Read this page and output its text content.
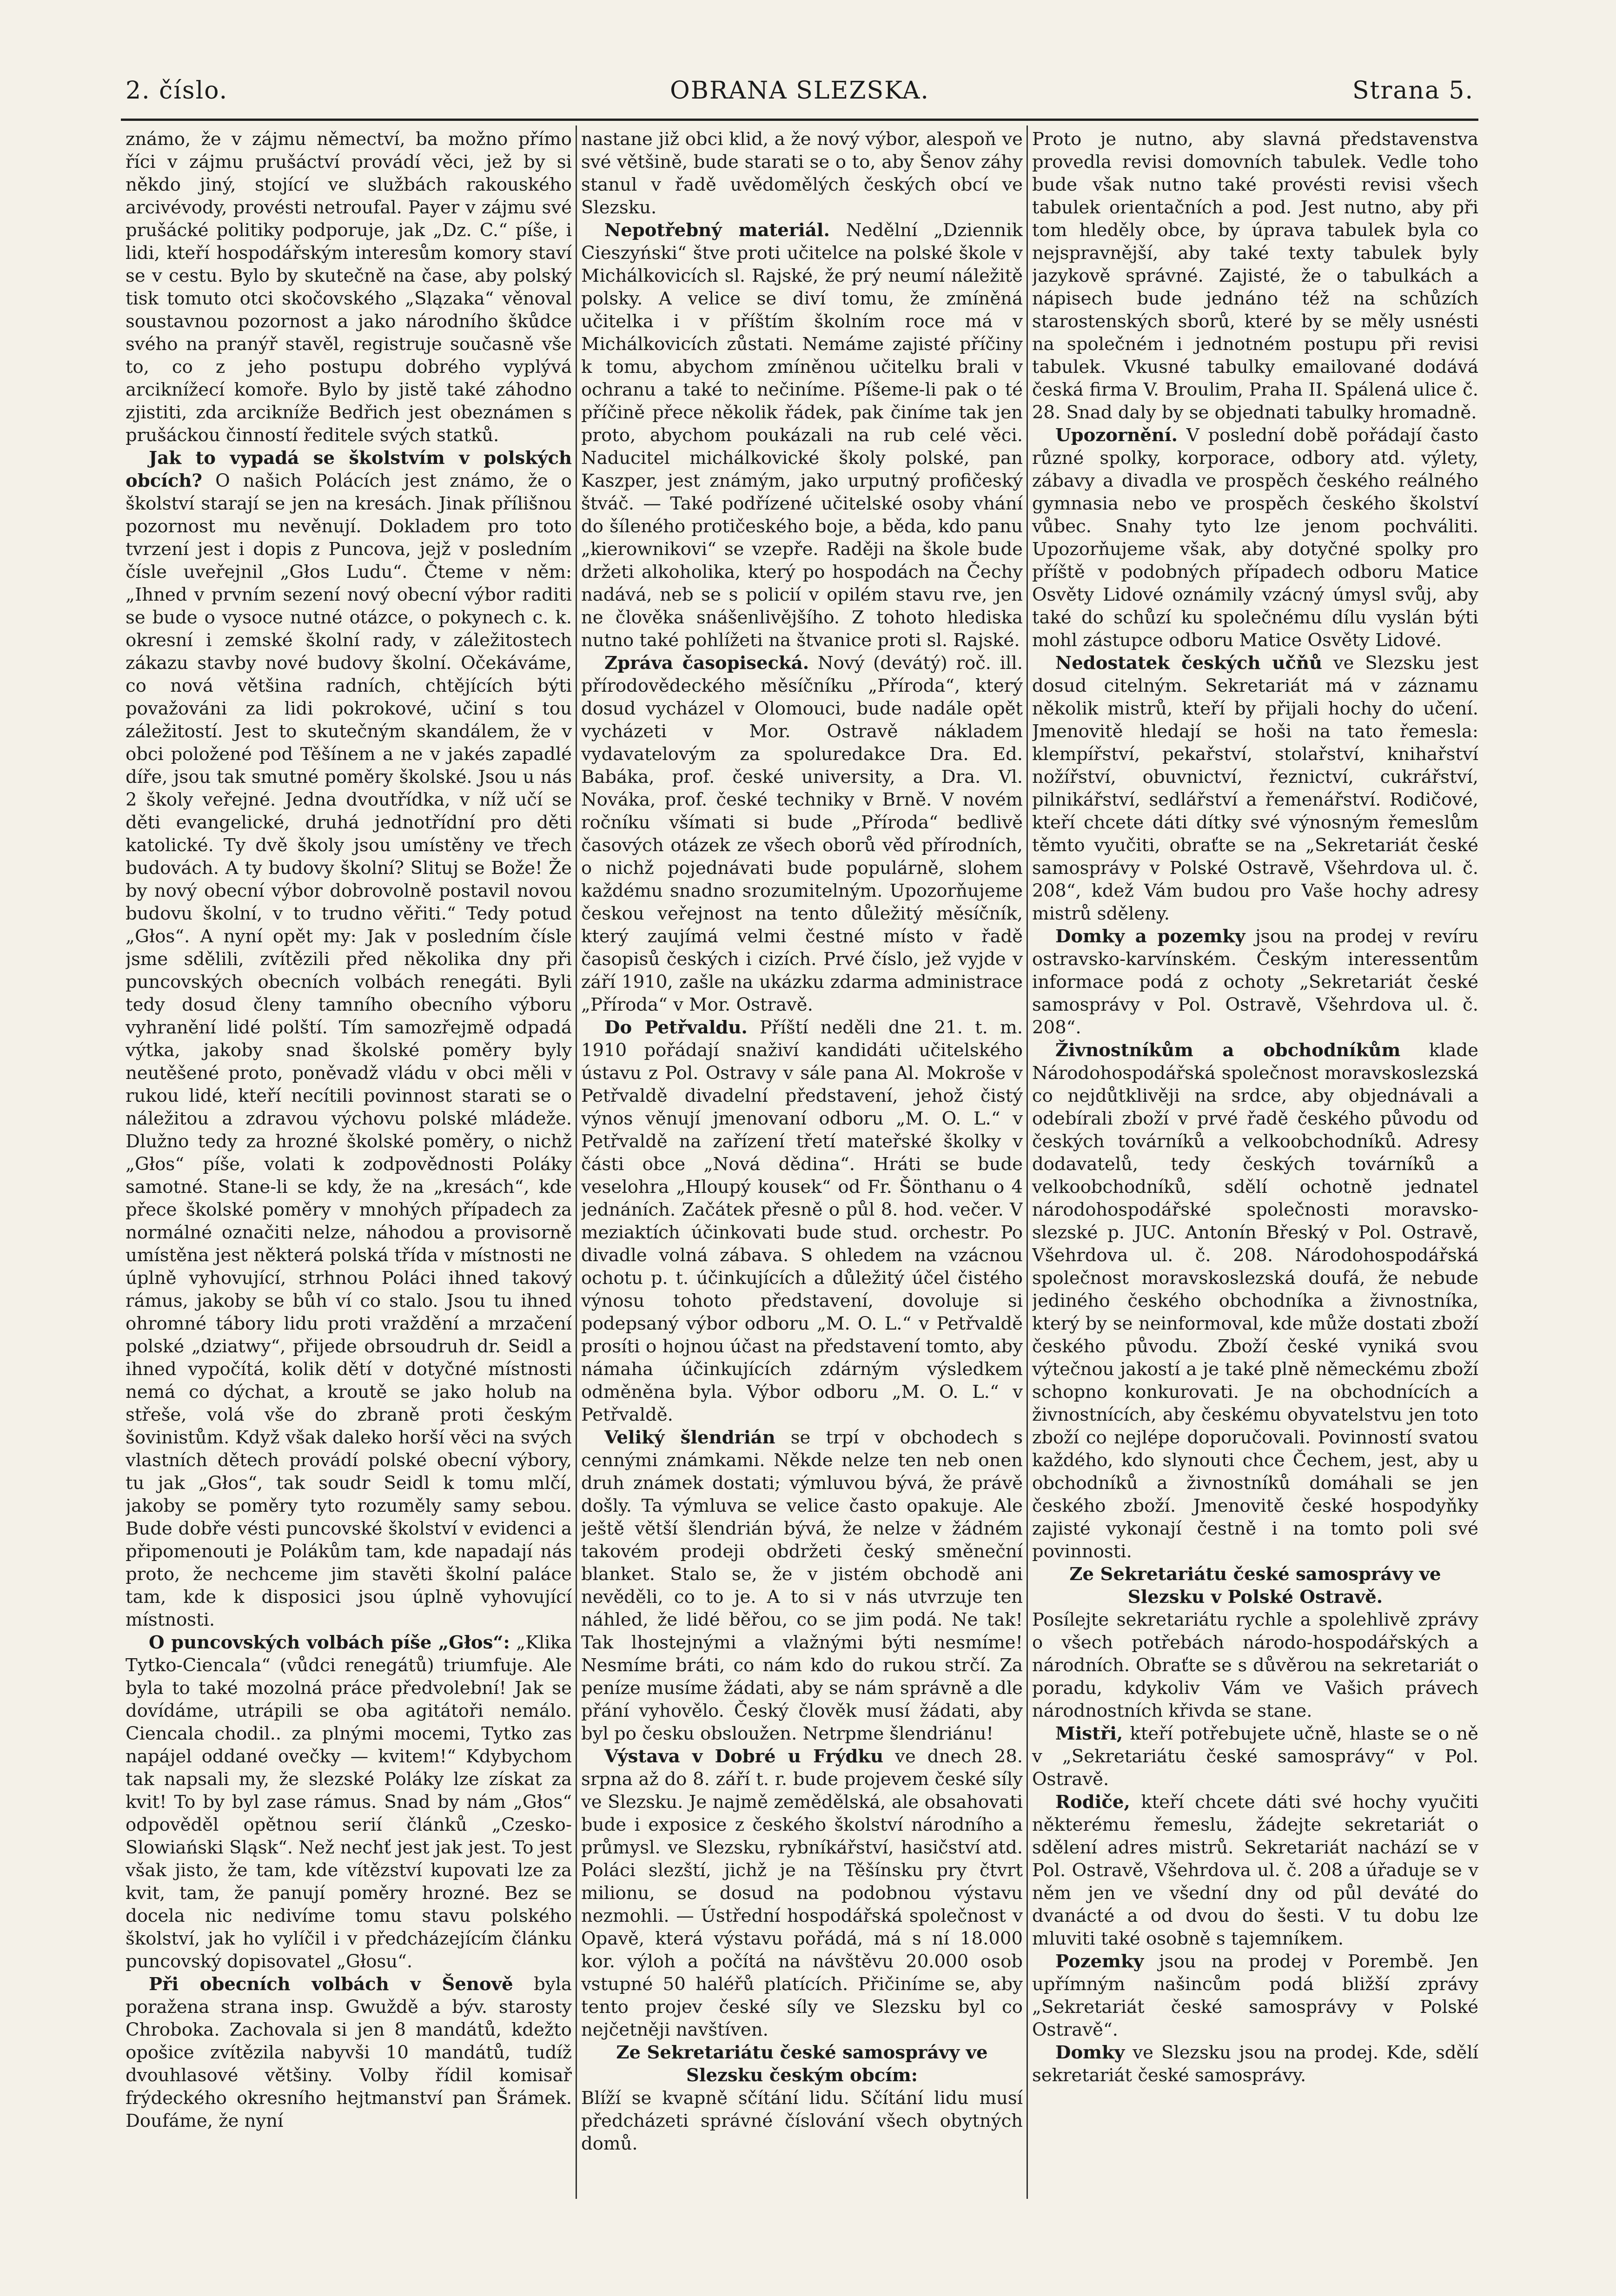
2. číslo.	OBRANA SLEZSKA.	Strana 5.

známo, že v zájmu němectví, ba možno přímo říci v zájmu prušáctví provádí věci, jež by si někdo jiný, stojící ve službách rakouského arcivévody, provésti netroufal. Payer v zájmu své prušácké politiky podporuje, jak „Dz. C.“ píše, i lidi, kteří hospodářským interesům komory staví se v cestu. Bylo by skutečně na čase, aby polský tisk tomuto otci skočovského „Slązaka“ věnoval soustavnou pozornost a jako národního škůdce svého na pranýř stavěl, registruje současně vše to, co z jeho postupu dobrého vyplývá arciknížecí komoře. Bylo by jistě také záhodno zjistiti, zda arcikníže Bedřich jest obeznámen s prušáckou činností ředitele svých statků.

Jak to vypadá se školstvím v polských obcích? O našich Polácích jest známo, že o školství starají se jen na kresách. Jinak přílišnou pozornost mu nevěnují. Dokladem pro toto tvrzení jest i dopis z Puncova, jejž v posledním čísle uveřejnil „Głos Ludu“. Čteme v něm: „Ihned v prvním sezení nový obecní výbor raditi se bude o vysoce nutné otázce, o pokynech c. k. okresní i zemské školní rady, v záležitostech zákazu stavby nové budovy školní. Očekáváme, co nová většina radních, chtějících býti považováni za lidi pokrokové, učiní s tou záležitostí. Jest to skutečným skandálem, že v obci položené pod Těšínem a ne v jakés zapadlé díře, jsou tak smutné poměry školské. Jsou u nás 2 školy veřejné. Jedna dvoutřídka, v níž učí se děti evangelické, druhá jednotřídní pro děti katolické. Ty dvě školy jsou umístěny ve třech budovách. A ty budovy školní? Slituj se Bože! Že by nový obecní výbor dobrovolně postavil novou budovu školní, v to trudno věřiti.“ Tedy potud „Głos“. A nyní opět my: Jak v posledním čísle jsme sdělili, zvítězili před několika dny při puncovských obecních volbách renegáti. Byli tedy dosud členy tamního obecního výboru vyhranění lidé polští. Tím samozřejmě odpadá výtka, jakoby snad školské poměry byly neutěšené proto, poněvadž vládu v obci měli v rukou lidé, kteří necítili povinnost starati se o náležitou a zdravou výchovu polské mládeže. Dlužno tedy za hrozné školské poměry, o nichž „Głos“ píše, volati k zodpovědnosti Poláky samotné. Stane-li se kdy, že na „kresách“, kde přece školské poměry v mnohých případech za normálné označiti nelze, náhodou a provisorně umístěna jest některá polská třída v místnosti ne úplně vyhovující, strhnou Poláci ihned takový rámus, jakoby se bůh ví co stalo. Jsou tu ihned ohromné tábory lidu proti vraždění a mrzačení polské „dziatwy“, přijede obrsoudruh dr. Seidl a ihned vypočítá, kolik dětí v dotyčné místnosti nemá co dýchat, a kroutě se jako holub na střeše, volá vše do zbraně proti českým šovinistům. Když však daleko horší věci na svých vlastních dětech provádí polské obecní výbory, tu jak „Głos“, tak soudr Seidl k tomu mlčí, jakoby se poměry tyto rozuměly samy sebou. Bude dobře vésti puncovské školství v evidenci a připomenouti je Polákům tam, kde napadají nás proto, že nechceme jim stavěti školní paláce tam, kde k disposici jsou úplně vyhovující místnosti.

O puncovských volbách píše „Głos“: „Klika Tytko-Ciencala“ (vůdci renegátů) triumfuje. Ale byla to také mozolná práce předvolební! Jak se dovídáme, utrápili se oba agitátoři nemálo. Ciencala chodil.. za plnými mocemi, Tytko zas napájel oddané ovečky — kvitem!“ Kdybychom tak napsali my, že slezské Poláky lze získat za kvit! To by byl zase rámus. Snad by nám „Głos“ odpověděl opětnou serií článků „Czesko-Slowiański Sląsk“. Než nechť jest jak jest. To jest však jisto, že tam, kde vítězství kupovati lze za kvit, tam, že panují poměry hrozné. Bez se docela nic nedivíme tomu stavu polského školství, jak ho vylíčil i v předcházejícím článku puncovský dopisovatel „Głosu“.

Při obecních volbách v Šenově byla poražena strana insp. Gwuždě a býv. starosty Chroboka. Zachovala si jen 8 mandátů, kdežto opošice zvítězila nabyvši 10 mandátů, tudíž dvouhlasové většiny. Volby řídil komisař frýdeckého okresního hejtmanství pan Šrámek. Doufáme, že nyní

nastane již obci klid, a že nový výbor, alespoň ve své většině, bude starati se o to, aby Šenov záhy stanul v řadě uvědomělých českých obcí ve Slezsku.

Nepotřebný materiál. Nedělní „Dziennik Cieszyński“ štve proti učitelce na polské škole v Michálkovicích sl. Rajské, že prý neumí náležitě polsky. A velice se diví tomu, že zmíněná učitelka i v příštím školním roce má v Michálkovicích zůstati. Nemáme zajisté příčiny k tomu, abychom zmíněnou učitelku brali v ochranu a také to nečiníme. Píšeme-li pak o té příčině přece několik řádek, pak činíme tak jen proto, abychom poukázali na rub celé věci. Naducitel michálkovické školy polské, pan Kaszper, jest známým, jako urputný profičeský štváč. — Také podřízené učitelské osoby vhání do šíleného protičeského boje, a běda, kdo panu „kierownikovi“ se vzepře. Raději na škole bude držeti alkoholika, který po hospodách na Čechy nadává, neb se s policií v opilém stavu rve, jen ne člověka snášenlivějšího. Z tohoto hlediska nutno také pohlížeti na štvanice proti sl. Rajské.

Zpráva časopisecká. Nový (devátý) roč. ill. přírodovědeckého měsíčníku „Příroda“, který dosud vycházel v Olomouci, bude nadále opět vycházeti v Mor. Ostravě nákladem vydavatelovým za spoluredakce Dra. Ed. Babáka, prof. české university, a Dra. Vl. Nováka, prof. české techniky v Brně. V novém ročníku všímati si bude „Příroda“ bedlivě časových otázek ze všech oborů věd přírodních, o nichž pojednávati bude populárně, slohem každému snadno srozumitelným. Upozorňujeme českou veřejnost na tento důležitý měsíčník, který zaujímá velmi čestné místo v řadě časopisů českých i cizích. Prvé číslo, jež vyjde v září 1910, zašle na ukázku zdarma administrace „Příroda“ v Mor. Ostravě.

Do Petřvaldu. Příští neděli dne 21. t. m. 1910 pořádají snaživí kandidáti učitelského ústavu z Pol. Ostravy v sále pana Al. Mokroše v Petřvaldě divadelní představení, jehož čistý výnos věnují jmenovaní odboru „M. O. L.“ v Petřvaldě na zařízení třetí mateřské školky v části obce „Nová dědina“. Hráti se bude veselohra „Hloupý kousek“ od Fr. Šönthanu o 4 jednáních. Začátek přesně o půl 8. hod. večer. V meziaktích účinkovati bude stud. orchestr. Po divadle volná zábava. S ohledem na vzácnou ochotu p. t. účinkujících a důležitý účel čistého výnosu tohoto představení, dovoluje si podepsaný výbor odboru „M. O. L.“ v Petřvaldě prosíti o hojnou účast na představení tomto, aby námaha účinkujících zdárným výsledkem odměněna byla. Výbor odboru „M. O. L.“ v Petřvaldě.

Veliký šlendrián se trpí v obchodech s cennými známkami. Někde nelze ten neb onen druh známek dostati; výmluvou bývá, že právě došly. Ta výmluva se velice často opakuje. Ale ještě větší šlendrián bývá, že nelze v žádném takovém prodeji obdržeti český směneční blanket. Stalo se, že v jistém obchodě ani nevěděli, co to je. A to si v nás utvrzuje ten náhled, že lidé běřou, co se jim podá. Ne tak! Tak lhostejnými a vlažnými býti nesmíme! Nesmíme bráti, co nám kdo do rukou strčí. Za peníze musíme žádati, aby se nám správně a dle přání vyhovělo. Český člověk musí žádati, aby byl po česku obsloužen. Netrpme šlendriánu!

Výstava v Dobré u Frýdku ve dnech 28. srpna až do 8. září t. r. bude projevem české síly ve Slezsku. Je najmě zemědělská, ale obsahovati bude i exposice z českého školství národního a průmysl. ve Slezsku, rybníkářství, hasičství atd. Poláci slezští, jichž je na Těšínsku pry čtvrt milionu, se dosud na podobnou výstavu nezmohli. — Ústřední hospodářská společnost v Opavě, která výstavu pořádá, má s ní 18.000 kor. výloh a počítá na návštěvu 20.000 osob vstupné 50 haléřů platících. Přičiníme se, aby tento projev české síly ve Slezsku byl co nejčetněji navštíven.

Ze Sekretariátu české samosprávy ve Slezsku českým obcím:
Blíží se kvapně sčítání lidu. Sčítání lidu musí předcházeti správné číslování všech obytných domů.

Proto je nutno, aby slavná představenstva provedla revisi domovních tabulek. Vedle toho bude však nutno také provésti revisi všech tabulek orientačních a pod. Jest nutno, aby při tom hleděly obce, by úprava tabulek byla co nejspravnější, aby také texty tabulek byly jazykově správné. Zajisté, že o tabulkách a nápisech bude jednáno též na schůzích starostenských sborů, které by se měly usnésti na společném i jednotném postupu při revisi tabulek. Vkusné tabulky emailované dodává česká firma V. Broulim, Praha II. Spálená ulice č. 28. Snad daly by se objednati tabulky hromadně.

Upozornění. V poslední době pořádají často různé spolky, korporace, odbory atd. výlety, zábavy a divadla ve prospěch českého reálného gymnasia nebo ve prospěch českého školství vůbec. Snahy tyto lze jenom pochváliti. Upozorňujeme však, aby dotyčné spolky pro příště v podobných případech odboru Matice Osvěty Lidové oznámily vzácný úmysl svůj, aby také do schůzí ku společnému dílu vyslán býti mohl zástupce odboru Matice Osvěty Lidové.

Nedostatek českých učňů ve Slezsku jest dosud citelným. Sekretariát má v záznamu několik mistrů, kteří by přijali hochy do učení. Jmenovitě hledají se hoši na tato řemesla: klempířství, pekařství, stolařství, knihařství nožířství, obuvnictví, řeznictví, cukrářství, pilnikářství, sedlářství a řemenářství. Rodičové, kteří chcete dáti dítky své výnosným řemeslům těmto vyučiti, obraťte se na „Sekretariát české samosprávy v Polské Ostravě, Všehrdova ul. č. 208“, kdež Vám budou pro Vaše hochy adresy mistrů sděleny.

Domky a pozemky jsou na prodej v revíru ostravsko-karvínském. Českým interessentům informace podá z ochoty „Sekretariát české samosprávy v Pol. Ostravě, Všehrdova ul. č. 208“.

Živnostníkům a obchodníkům klade Národohospodářská společnost moravskoslezská co nejdůtklivěji na srdce, aby objednávali a odebírali zboží v prvé řadě českého původu od českých továrníků a velkoobchodníků. Adresy dodavatelů, tedy českých továrníků a velkoobchodníků, sdělí ochotně jednatel národohospodářské společnosti moravsko-slezské p. JUC. Antonín Břeský v Pol. Ostravě, Všehrdova ul. č. 208. Národohospodářská společnost moravskoslezská doufá, že nebude jediného českého obchodníka a živnostníka, který by se neinformoval, kde může dostati zboží českého původu. Zboží české vyniká svou výtečnou jakostí a je také plně německému zboží schopno konkurovati. Je na obchodnících a živnostnících, aby českému obyvatelstvu jen toto zboží co nejlépe doporučovali. Povinností svatou každého, kdo slynouti chce Čechem, jest, aby u obchodníků a živnostníků domáhali se jen českého zboží. Jmenovitě české hospodyňky zajisté vykonají čestně i na tomto poli své povinnosti.

Ze Sekretariátu české samosprávy ve Slezsku v Polské Ostravě.
Posílejte sekretariátu rychle a spolehlivě zprávy o všech potřebách národo-hospodářských a národních. Obraťte se s důvěrou na sekretariát o poradu, kdykoliv Vám ve Vašich právech národnostních křivda se stane.

Mistři, kteří potřebujete učně, hlaste se o ně v „Sekretariátu české samosprávy“ v Pol. Ostravě.

Rodiče, kteří chcete dáti své hochy vyučiti některému řemeslu, žádejte sekretariát o sdělení adres mistrů. Sekretariát nachází se v Pol. Ostravě, Všehrdova ul. č. 208 a úřaduje se v něm jen ve všední dny od půl deváté do dvanácté a od dvou do šesti. V tu dobu lze mluviti také osobně s tajemníkem.

Pozemky jsou na prodej v Porembě. Jen upřímným našincům podá bližší zprávy „Sekretariát české samosprávy v Polské Ostravě“.

Domky ve Slezsku jsou na prodej. Kde, sdělí sekretariát české samosprávy.
